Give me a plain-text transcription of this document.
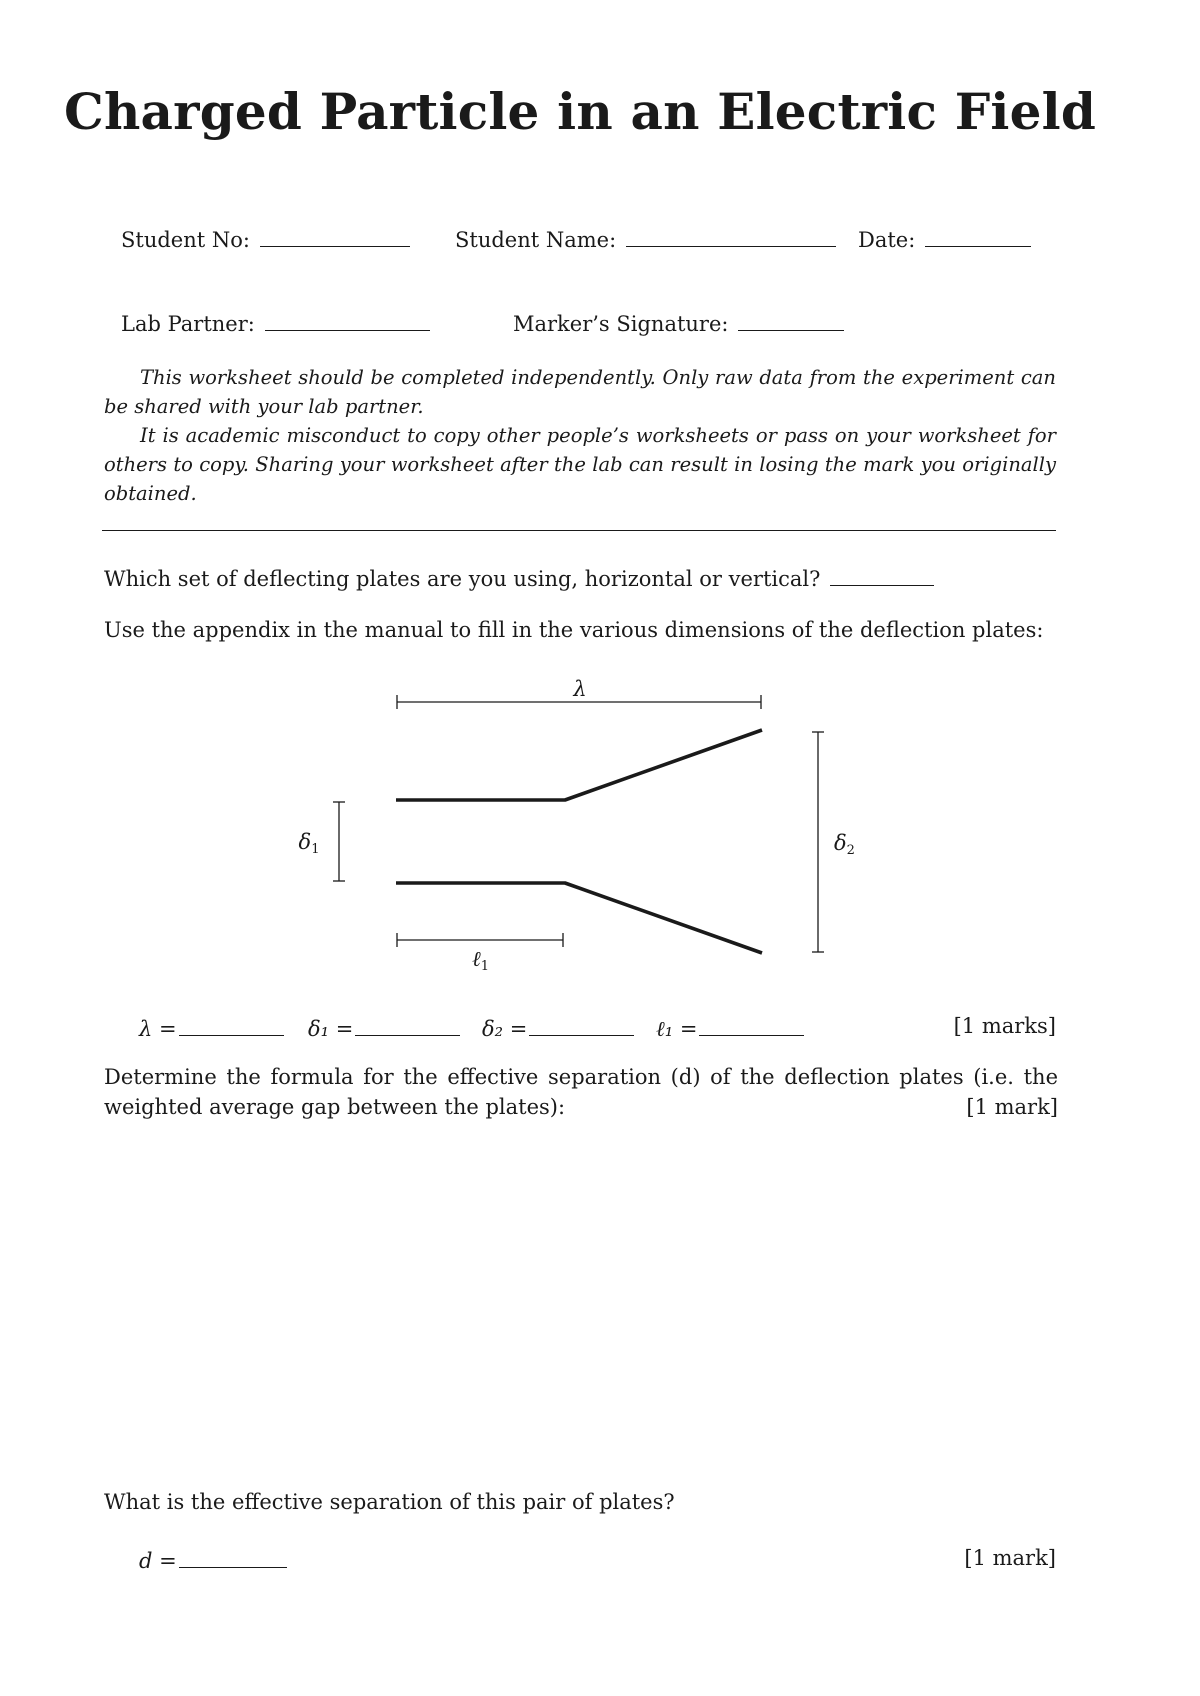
Charged Particle in an Electric Field
Student No:	Student Name:	Date:
Lab Partner:	Marker’s Signature:

This worksheet should be completed independently. Only raw data from the experiment can be shared with your lab partner.

It is academic misconduct to copy other people’s worksheets or pass on your worksheet for others to copy. Sharing your worksheet after the lab can result in losing the mark you originally obtained.

Which set of deflecting plates are you using, horizontal or vertical?
Use the appendix in the manual to fill in the various dimensions of the deflection plates:
λ
δ1	δ2
ℓ1
λ =	δ₁ =	δ₂ =	ℓ₁ =	[1 marks]
Determine the formula for the effective separation (d) of the deflection plates (i.e. the weighted average gap between the plates):	[1 mark]
What is the effective separation of this pair of plates?
d =	[1 mark]
